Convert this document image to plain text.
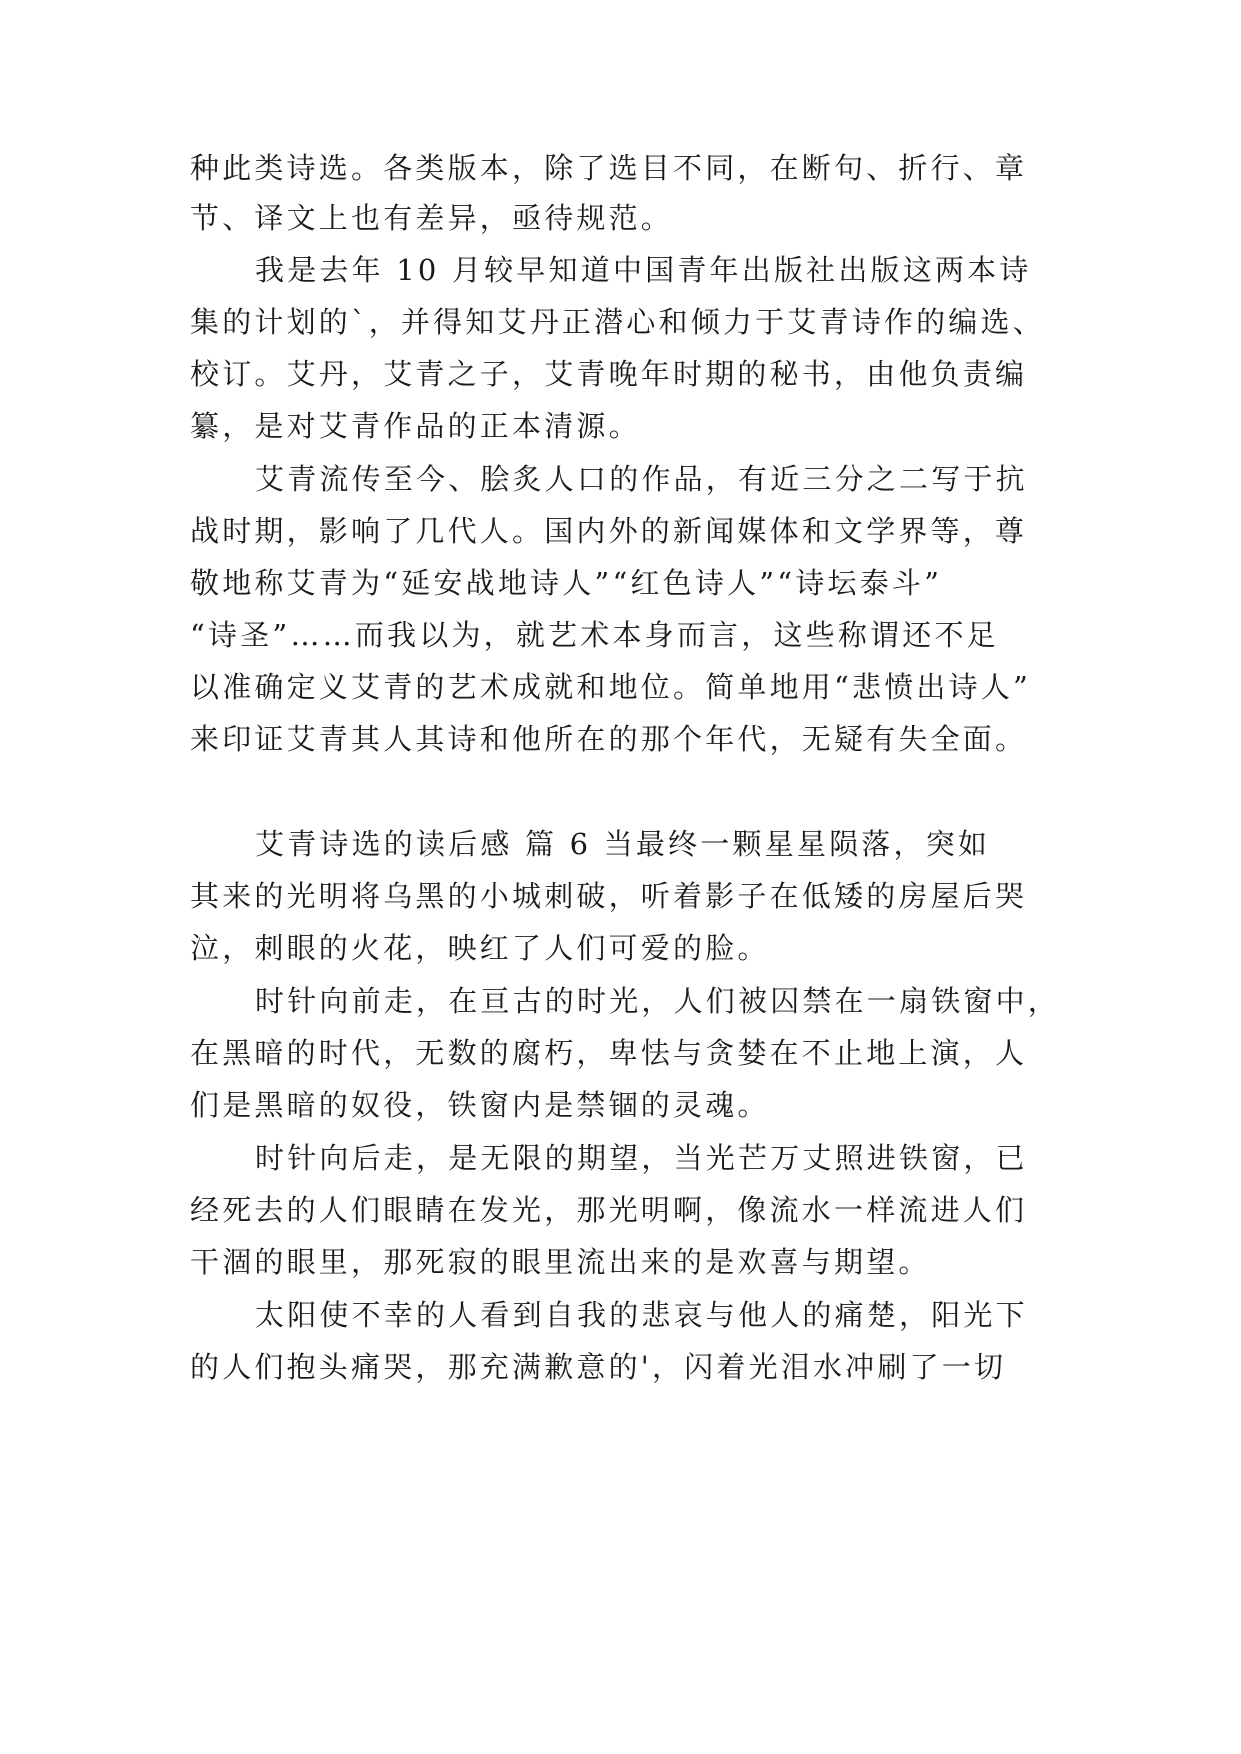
种此类诗选。各类版本，除了选目不同，在断句、折行、章

节、译文上也有差异，亟待规范。

我是去年 10 月较早知道中国青年出版社出版这两本诗

集的计划的`，并得知艾丹正潜心和倾力于艾青诗作的编选、

校订。艾丹，艾青之子，艾青晚年时期的秘书，由他负责编

纂，是对艾青作品的正本清源。

艾青流传至今、脍炙人口的作品，有近三分之二写于抗

战时期，影响了几代人。国内外的新闻媒体和文学界等，尊

敬地称艾青为“延安战地诗人”“红色诗人”“诗坛泰斗”

“诗圣”……而我以为，就艺术本身而言，这些称谓还不足

以准确定义艾青的艺术成就和地位。简单地用“悲愤出诗人”

来印证艾青其人其诗和他所在的那个年代，无疑有失全面。

艾青诗选的读后感 篇 6 当最终一颗星星陨落，突如

其来的光明将乌黑的小城刺破，听着影子在低矮的房屋后哭

泣，刺眼的火花，映红了人们可爱的脸。

时针向前走，在亘古的时光，人们被囚禁在一扇铁窗中，

在黑暗的时代，无数的腐朽，卑怯与贪婪在不止地上演，人

们是黑暗的奴役，铁窗内是禁锢的灵魂。

时针向后走，是无限的期望，当光芒万丈照进铁窗，已

经死去的人们眼睛在发光，那光明啊，像流水一样流进人们

干涸的眼里，那死寂的眼里流出来的是欢喜与期望。

太阳使不幸的人看到自我的悲哀与他人的痛楚，阳光下

的人们抱头痛哭，那充满歉意的'，闪着光泪水冲刷了一切
